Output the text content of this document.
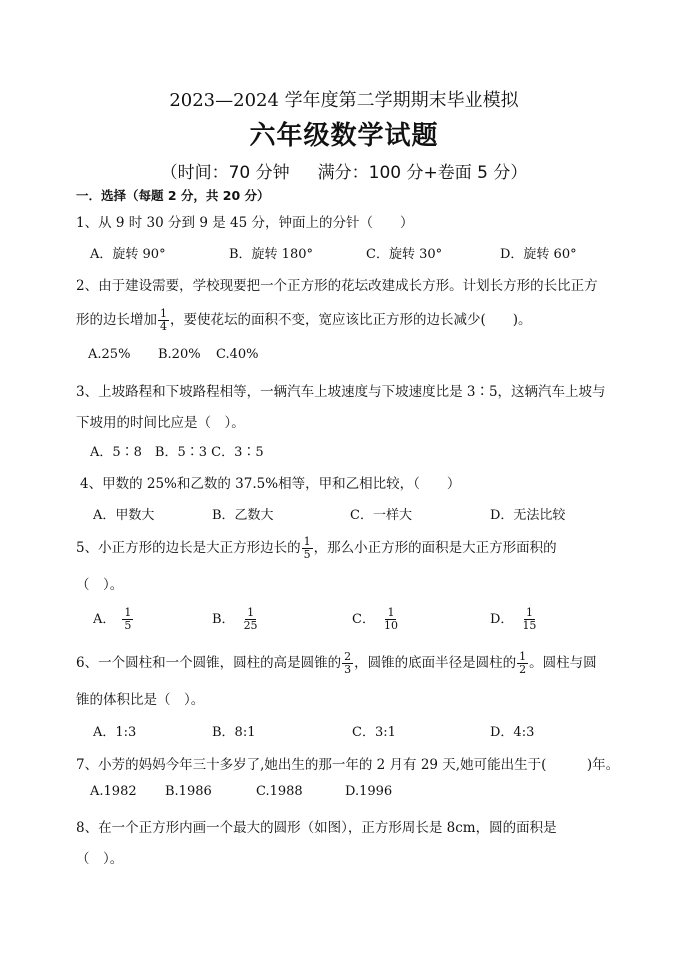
2023—2024 学年度第二学期期末毕业模拟
六年级数学试题
（时间：70 分钟 满分：100 分+卷面 5 分）
一．选择（每题 2 分，共 20 分）
1、从 9 时 30 分到 9 是 45 分，钟面上的分针（　　）
A．旋转 90°	B．旋转 180°	C．旋转 30°	D．旋转 60°
2、由于建设需要，学校现要把一个正方形的花坛改建成长方形。计划长方形的长比正方
形的边长增加 $\frac{1}{4}$ ，要使花坛的面积不变，宽应该比正方形的边长减少(　　)。
A.25% B.20% C.40%
3、上坡路程和下坡路程相等，一辆汽车上坡速度与下坡速度比是 3∶5，这辆汽车上坡与
下坡用的时间比应是（　）。
A．5∶8　B．5∶3 C．3∶5
4、甲数的 25%和乙数的 37.5%相等，甲和乙相比较，（　　）
A．甲数大	B．乙数大	C．一样大	D．无法比较
5、小正方形的边长是大正方形边长的 $\frac{1}{5}$ ，那么小正方形的面积是大正方形面积的
（　）。
A． $\frac{1}{5}$	B． $\frac{1}{25}$	C． $\frac{1}{10}$	D． $\frac{1}{15}$
6、一个圆柱和一个圆锥，圆柱的高是圆锥的 $\frac{2}{3}$ ，圆锥的底面半径是圆柱的 $\frac{1}{2}$ 。圆柱与圆
锥的体积比是（　）。
A．1:3	B．8:1	C．3:1	D．4:3
7、小芳的妈妈今年三十多岁了,她出生的那一年的 2 月有 29 天,她可能出生于(　　　)年。
A.1982 B.1986	C.1988	D.1996
8、在一个正方形内画一个最大的圆形（如图），正方形周长是 8cm，圆的面积是
（　）。
